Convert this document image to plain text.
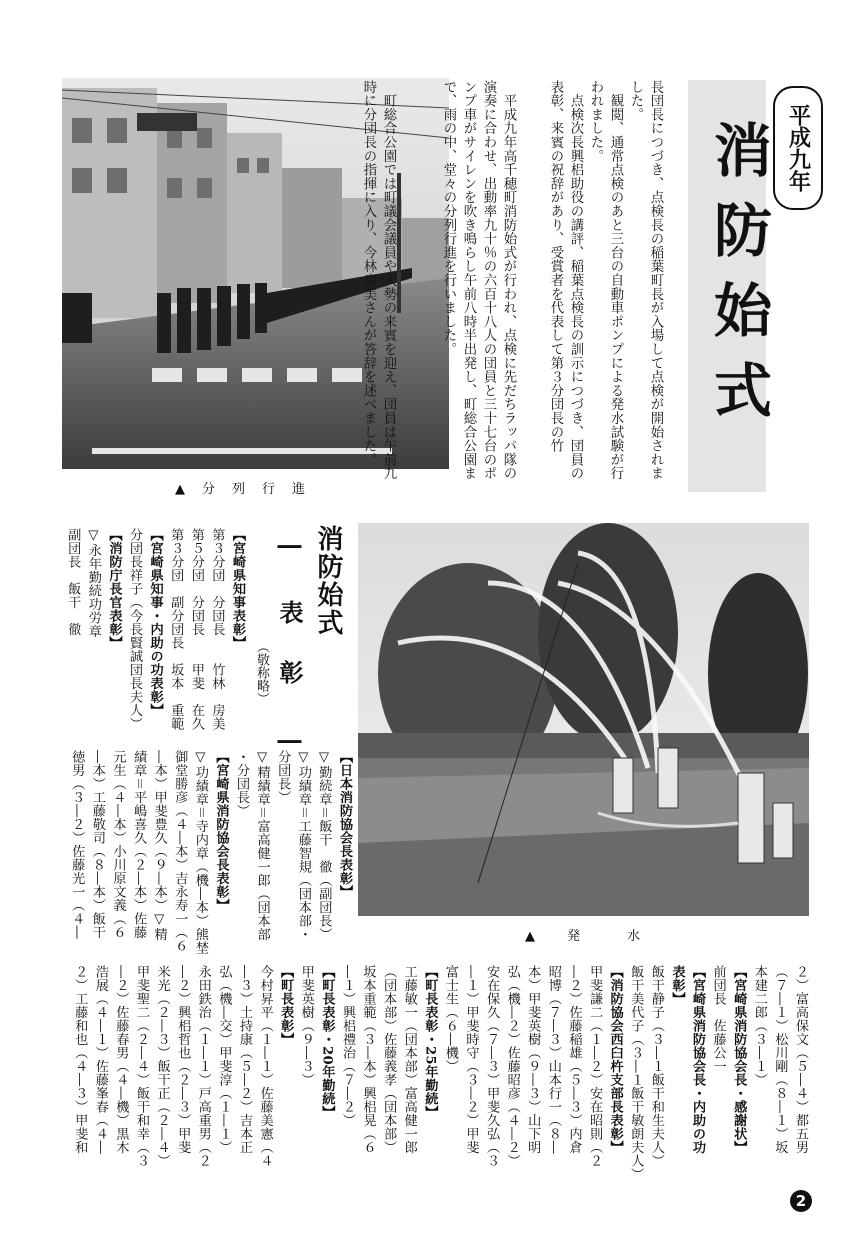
▲　分　列　行　進

　平成九年高千穂町消防始式が行われ、点検に先だちラッパ隊の演奏に合わせ、出動率九十％の六百十八人の団員と三十七台のポンプ車がサイレンを吹き鳴らし午前八時半出発し、町総合公園まで、雨の中、堂々の分列行進を行いました。

　町総合公園では町議会議員や大勢の来賓を迎え、団員は午前九時に分団長の指揮に入り、今林房美さんが答辞を述べました。	平成九年
消防始式

長団長につづき、点検長の稲葉町長が入場して点検が開始されました。

　観閲、通常点検のあと三台の自動車ポンプによる発水試験が行われました。

　点検次長興梠助役の講評、稲葉点検長の訓示につづき、団員の表彰、来賓の祝辞があり、受賞者を代表して第３分団長の竹

▲　　発　　　水
消防始式
― 表　彰 ―
（敬称略）
【宮崎県知事表彰】
第３分団　分団長　　竹林　房美
第５分団　分団長　　甲斐　在久
第３分団　副分団長　坂本　重範
【宮崎県知事・内助の功表彰】
分団長祥子（今長賢誠団長夫人）
【消防庁長官表彰】
▽永年勤続功労章
副団長　飯干　徹
【日本消防協会長表彰】
▽勤続章＝飯干　徹（副団長）
▽功績章＝工藤智規（団本部・
分団長）
▽精績章＝富高健一郎（団本部
・分団長）
【宮崎県消防協会長表彰】
▽功績章＝寺内章（機―本）熊埜
御堂勝彦（４―本）吉永寿一（６
―本）甲斐豊久（９―本）▽精
績章＝平嶋喜久（２―本）佐藤
元生（４―本）小川原文義（６
―本）工藤敬司（８―本）飯干
徳男（３―２）佐藤光一（４―
２）富高保文（５―４）都五男
（７―１）松川剛（８―１）坂
本建二郎（３―１）
【宮崎県消防協会長・感謝状】
前団長　佐藤公一
【宮崎県消防協会長・内助の功
表彰】
飯干静子（３―１飯干和生夫人）
飯干美代子（３―１飯干敏朗夫人）
【消防協会西臼杵支部長表彰】
甲斐謙二（１―２）安在昭則（２
―２）佐藤稲雄（５―３）内倉
昭博（７―３）山本行一（８―
本）甲斐英樹（９―３）山下明
弘（機―２）佐藤昭彦（４―２）
安在保久（７―３）甲斐久弘（３
―１）甲斐時守（３―２）甲斐
富士生（６―機）
【町長表彰・25年勤続】
工藤敏一（団本部）富高健一郎
（団本部）佐藤義孝（団本部）
坂本重範（３―本）興梠晃（６
―１）興梠禮治（７―２）
【町長表彰・20年勤続】
甲斐英樹（９―３）
【町長表彰】
今村昇平（１―１）佐藤美憲（４
―３）土持康（５―２）吉本正
弘（機―交）甲斐淳（１―１）
永田鉄治（１―１）戸高重男（２
―２）興梠哲也（２―３）甲斐
米光（２―３）飯干正（２―４）
甲斐聖二（２―４）飯干和幸（３
―２）佐藤春男（４―機）黒木
浩展（４―１）佐藤峯春（４―
２）工藤和也（４―３）甲斐和
2
